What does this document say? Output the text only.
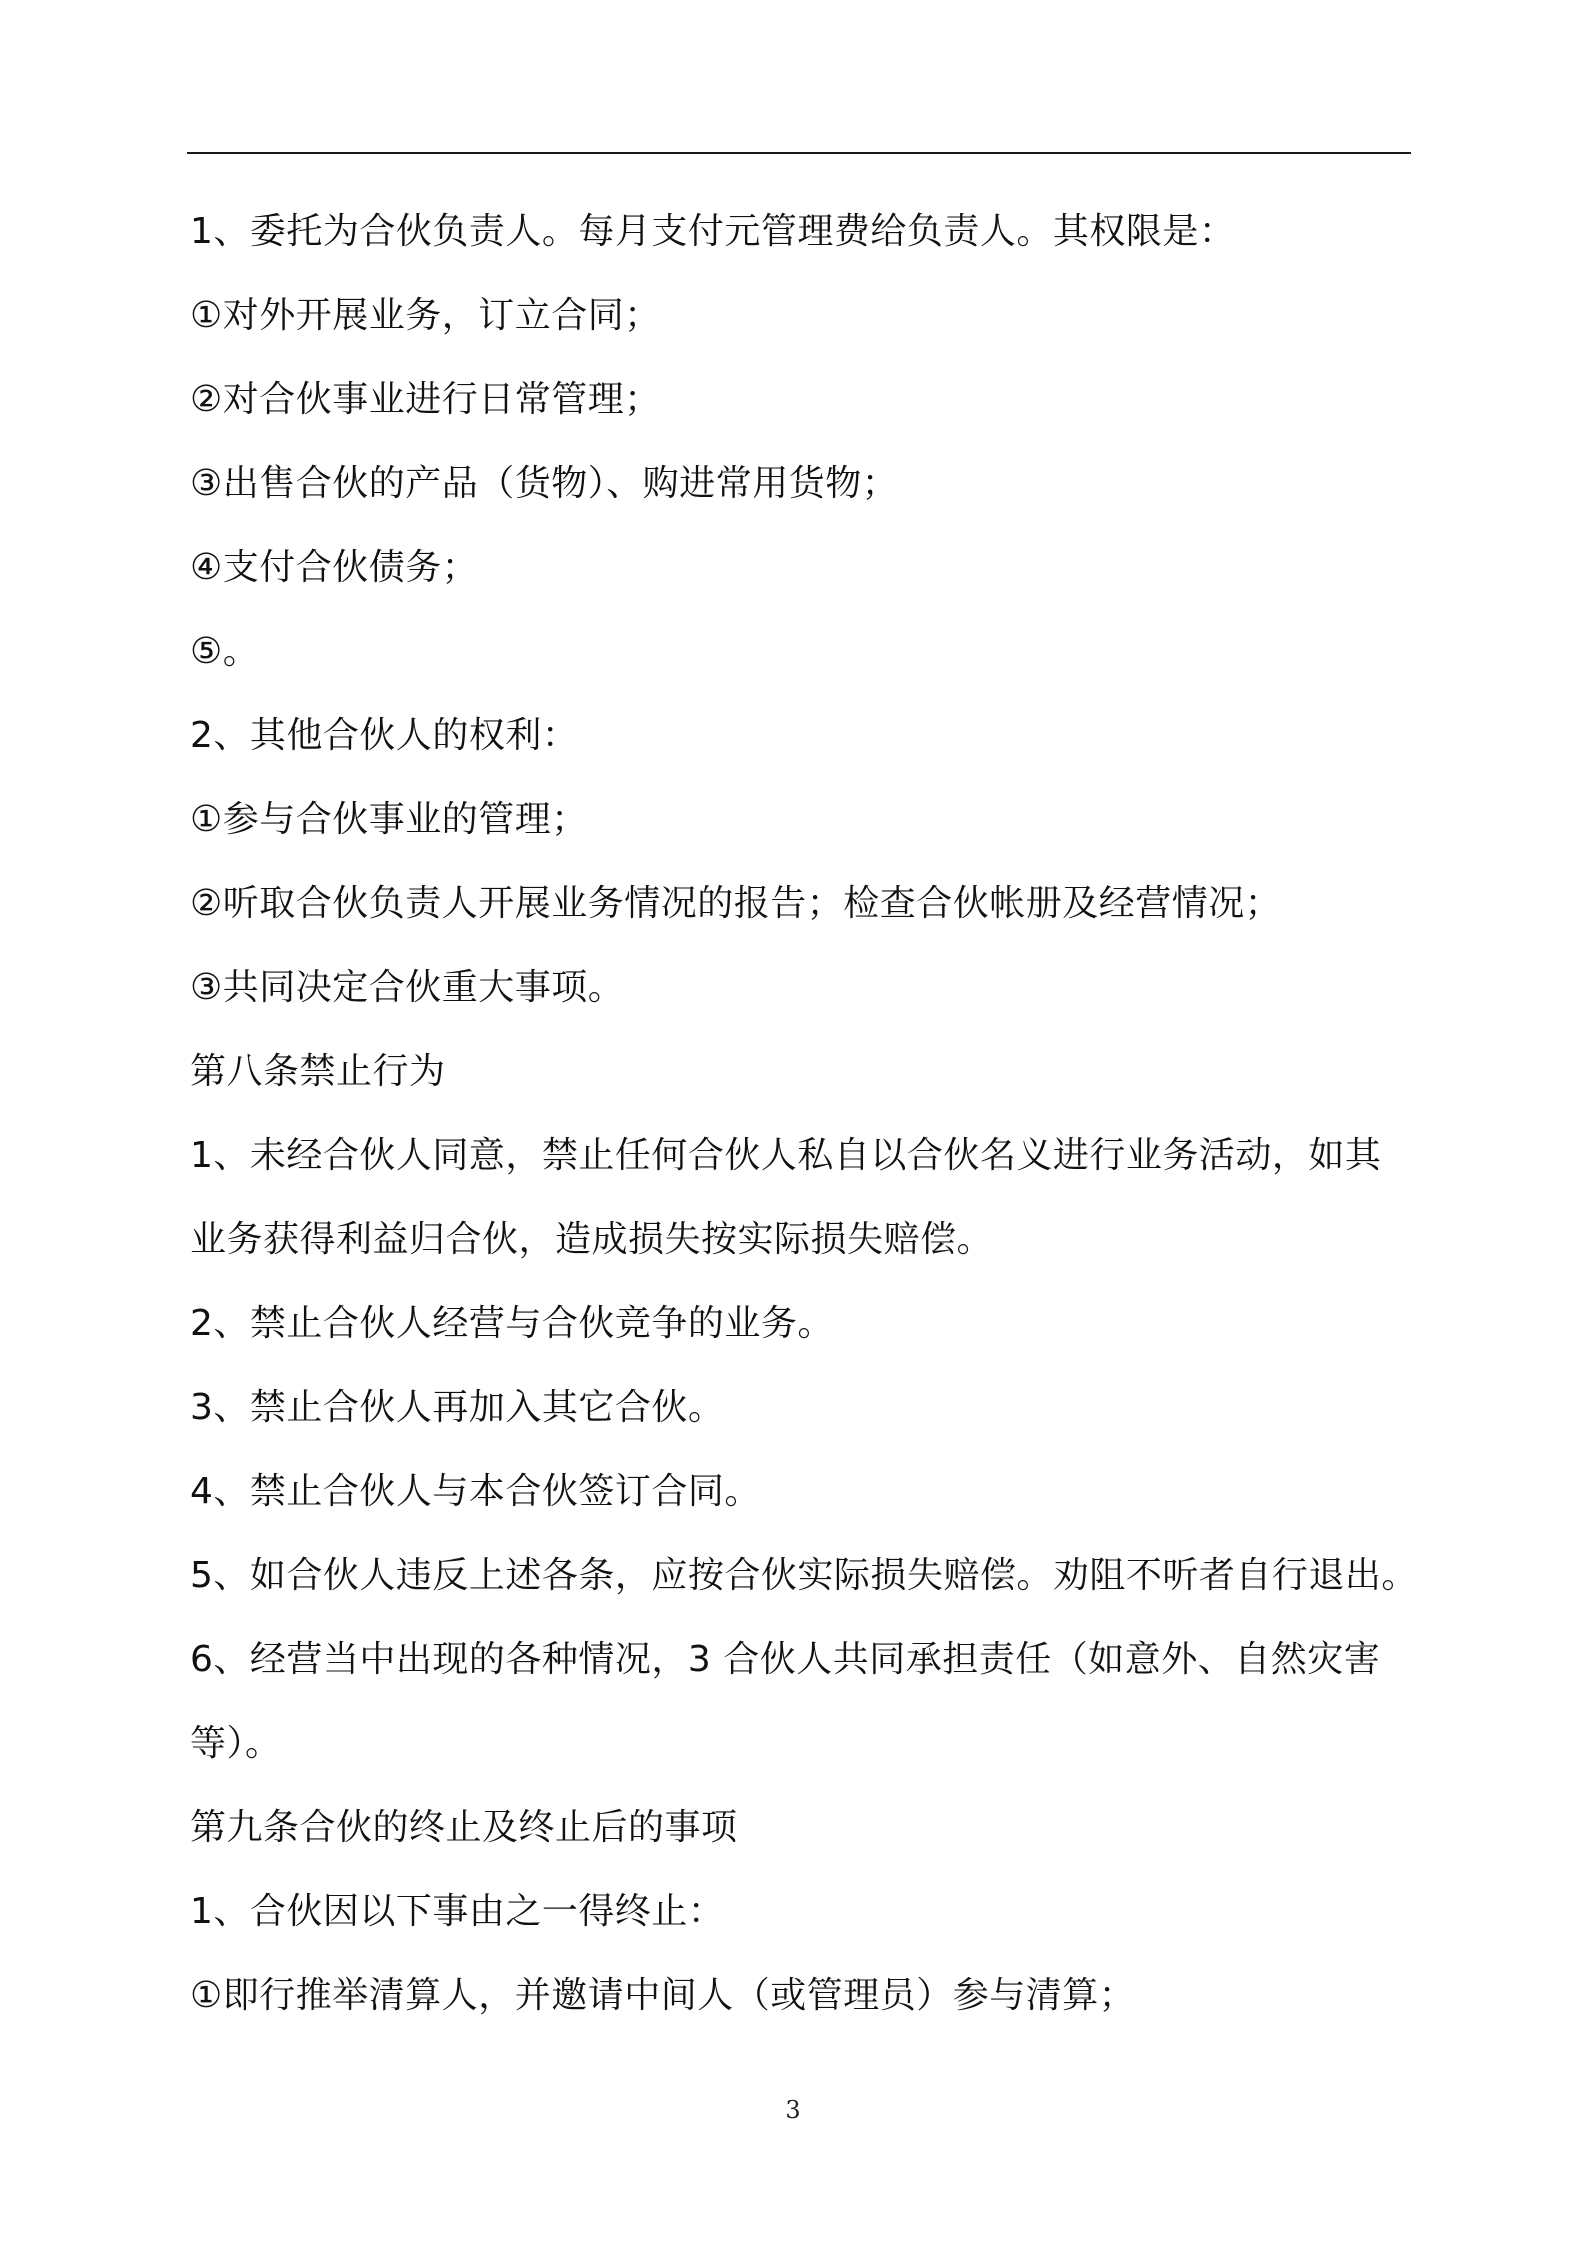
1、委托为合伙负责人。每月支付元管理费给负责人。其权限是：
①对外开展业务，订立合同；
②对合伙事业进行日常管理；
③出售合伙的产品（货物）、购进常用货物；
④支付合伙债务；
⑤。
2、其他合伙人的权利：
①参与合伙事业的管理；
②听取合伙负责人开展业务情况的报告；检查合伙帐册及经营情况；
③共同决定合伙重大事项。
第八条禁止行为
1、未经合伙人同意，禁止任何合伙人私自以合伙名义进行业务活动，如其
业务获得利益归合伙，造成损失按实际损失赔偿。
2、禁止合伙人经营与合伙竞争的业务。
3、禁止合伙人再加入其它合伙。
4、禁止合伙人与本合伙签订合同。
5、如合伙人违反上述各条，应按合伙实际损失赔偿。劝阻不听者自行退出。
6、经营当中出现的各种情况，3 合伙人共同承担责任（如意外、自然灾害
等）。
第九条合伙的终止及终止后的事项
1、合伙因以下事由之一得终止：
①即行推举清算人，并邀请中间人（或管理员）参与清算；
3
